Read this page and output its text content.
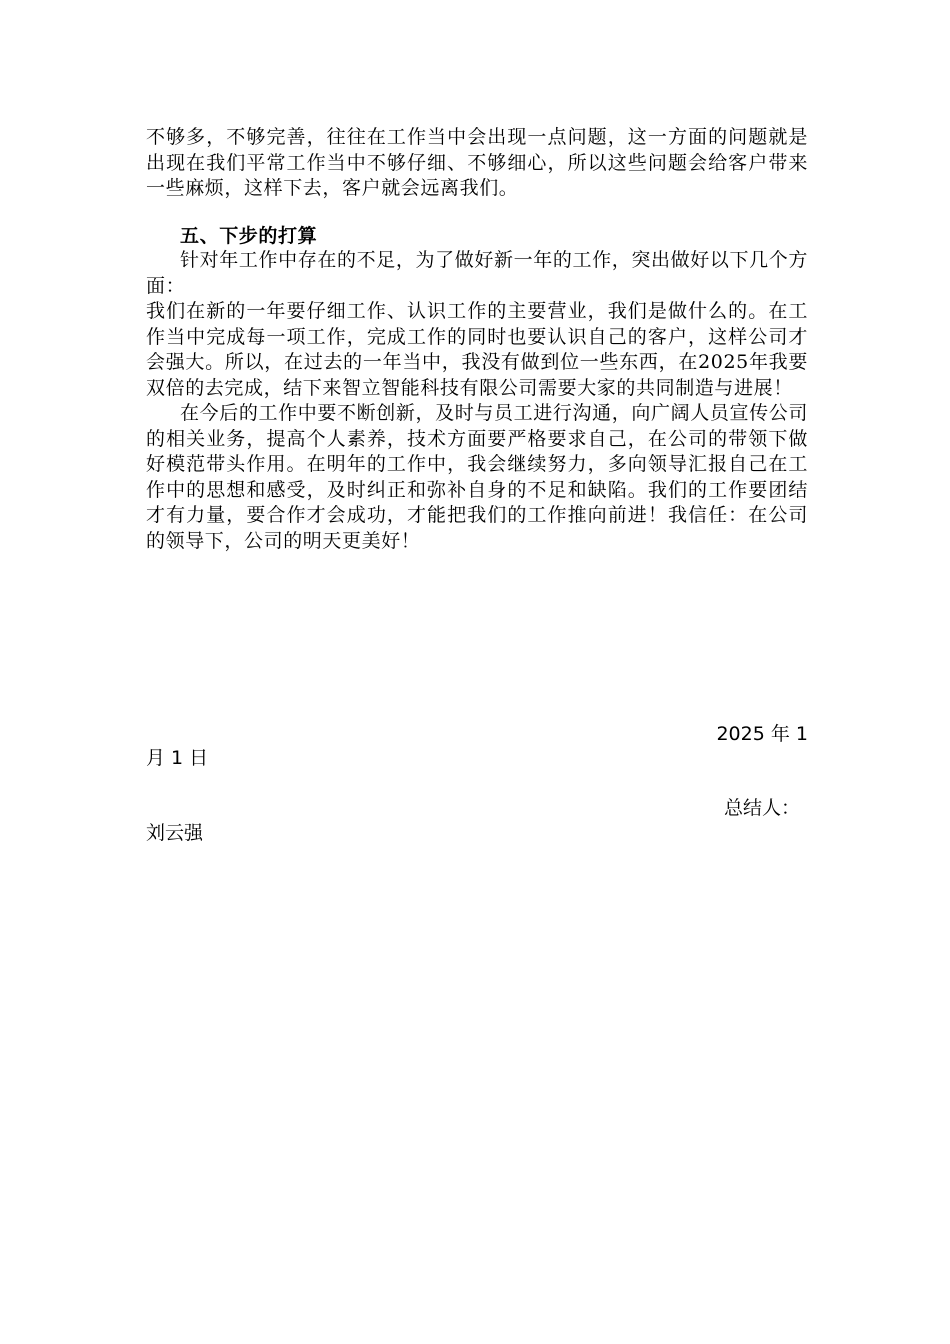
不够多，不够完善，往往在工作当中会出现一点问题，这一方面的问题就是出现在我们平常工作当中不够仔细、不够细心，所以这些问题会给客户带来一些麻烦，这样下去，客户就会远离我们。

五、下步的打算

针对年工作中存在的不足，为了做好新一年的工作，突出做好以下几个方面：

我们在新的一年要仔细工作、认识工作的主要营业，我们是做什么的。在工作当中完成每一项工作，完成工作的同时也要认识自己的客户，这样公司才会强大。所以，在过去的一年当中，我没有做到位一些东西，在2025年我要双倍的去完成，结下来智立智能科技有限公司需要大家的共同制造与进展！

在今后的工作中要不断创新，及时与员工进行沟通，向广阔人员宣传公司的相关业务，提高个人素养，技术方面要严格要求自己，在公司的带领下做好模范带头作用。在明年的工作中，我会继续努力，多向领导汇报自己在工作中的思想和感受，及时纠正和弥补自身的不足和缺陷。我们的工作要团结才有力量，要合作才会成功，才能把我们的工作推向前进！我信任：在公司的领导下，公司的明天更美好！

2025 年 1
月 1 日
总结人：
刘云强
